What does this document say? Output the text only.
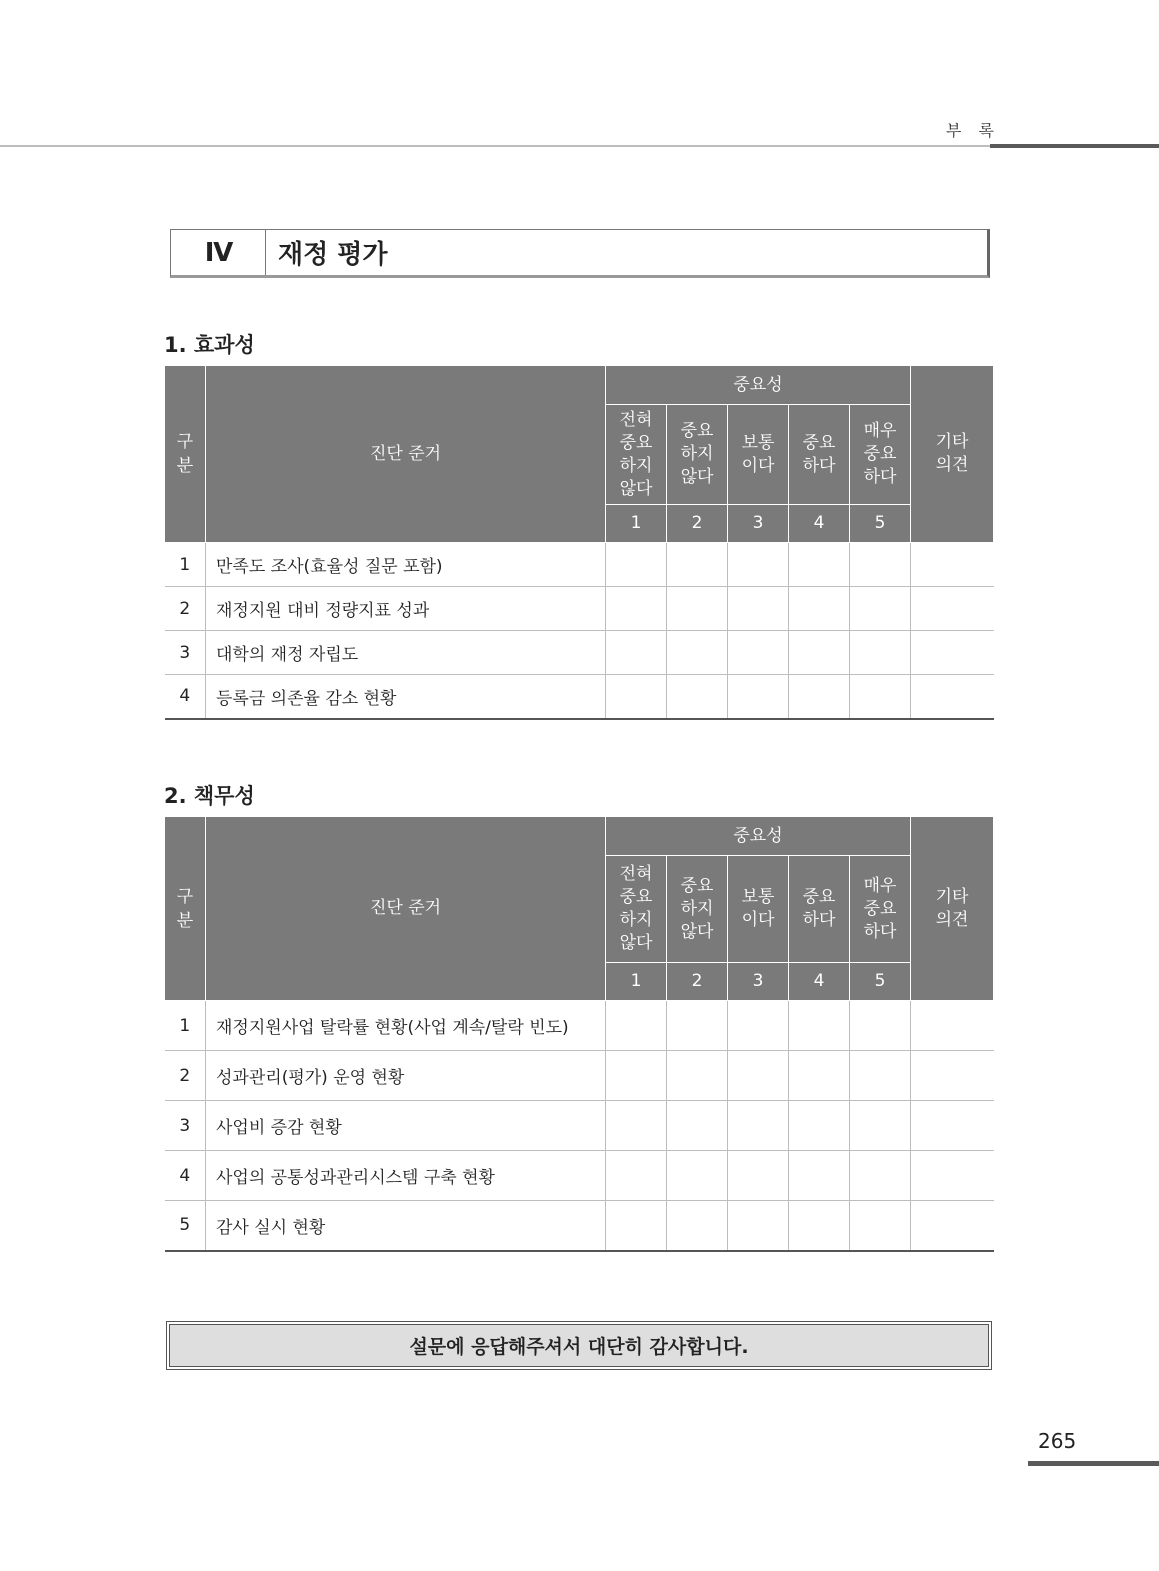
부 록
Ⅳ	재정 평가
1. 효과성
구
분	진단 준거	중요성					기타
의견
		전혀
중요
하지
않다	중요
하지
않다	보통
이다	중요
하다	매우
중요
하다	
		1	2	3	4	5	
1	만족도 조사(효율성 질문 포함)						
2	재정지원 대비 정량지표 성과						
3	대학의 재정 자립도						
4	등록금 의존율 감소 현황						
2. 책무성
구
분	진단 준거	중요성					기타
의견
		전혀
중요
하지
않다	중요
하지
않다	보통
이다	중요
하다	매우
중요
하다	
		1	2	3	4	5	
1	재정지원사업 탈락률 현황(사업 계속/탈락 빈도)						
2	성과관리(평가) 운영 현황						
3	사업비 증감 현황						
4	사업의 공통성과관리시스템 구축 현황						
5	감사 실시 현황						
설문에 응답해주셔서 대단히 감사합니다.
265
